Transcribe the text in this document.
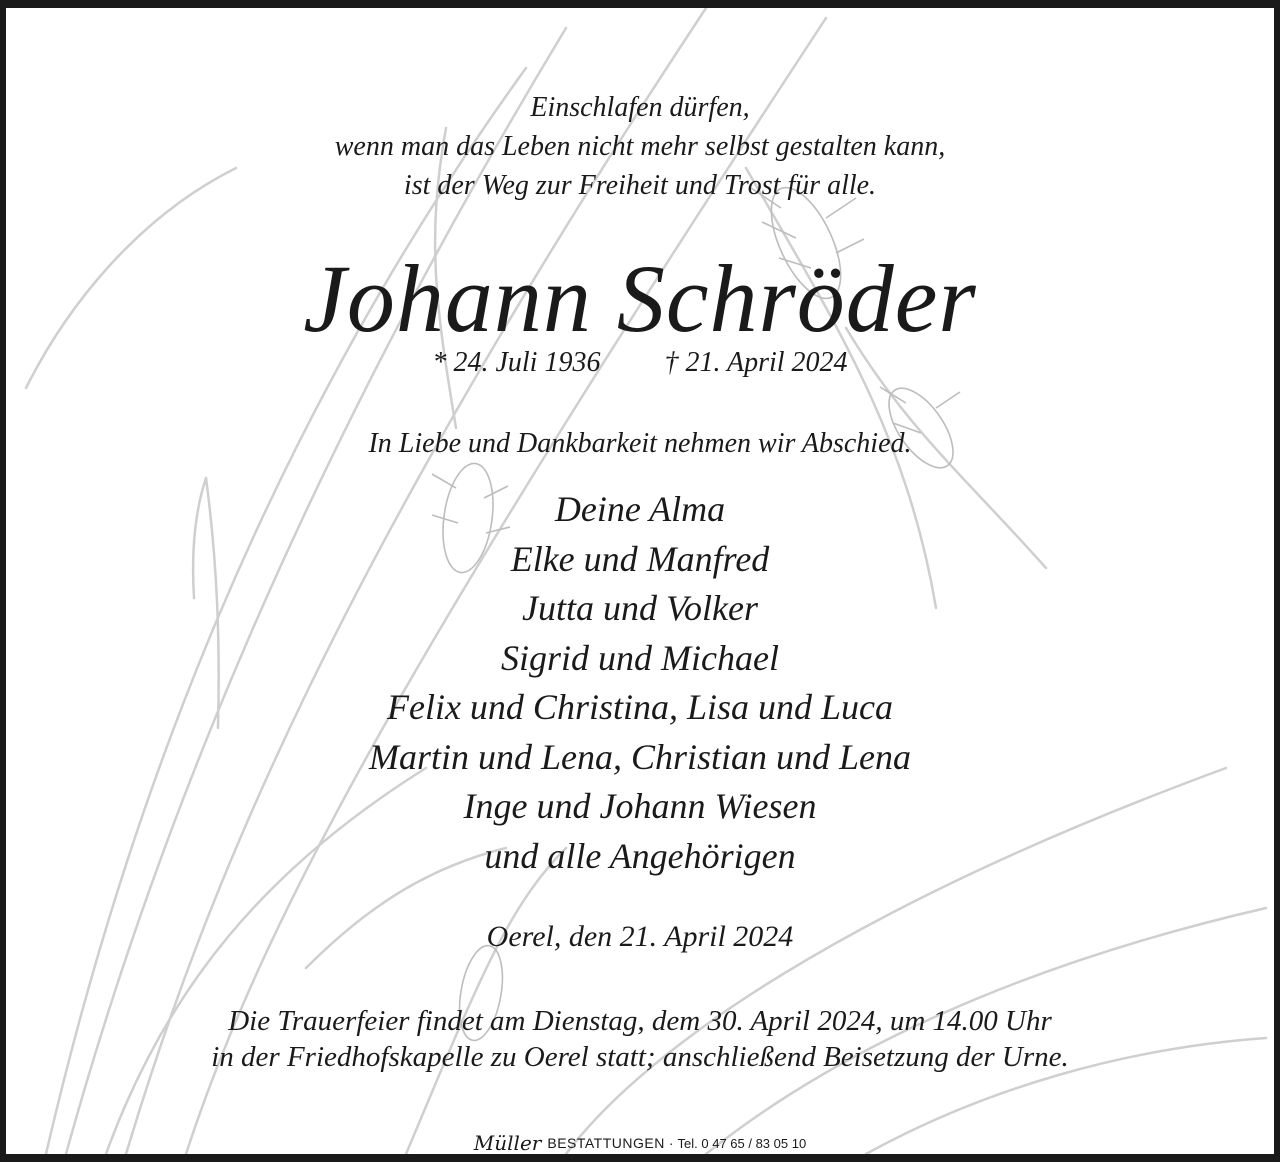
Einschlafen dürfen,
wenn man das Leben nicht mehr selbst gestalten kann,
ist der Weg zur Freiheit und Trost für alle.
Johann Schröder
* 24. Juli 1936 † 21. April 2024
In Liebe und Dankbarkeit nehmen wir Abschied.
Deine Alma
Elke und Manfred
Jutta und Volker
Sigrid und Michael
Felix und Christina, Lisa und Luca
Martin und Lena, Christian und Lena
Inge und Johann Wiesen
und alle Angehörigen
Oerel, den 21. April 2024
Die Trauerfeier findet am Dienstag, dem 30. April 2024, um 14.00 Uhr
in der Friedhofskapelle zu Oerel statt; anschließend Beisetzung der Urne.
Müller BESTATTUNGEN · Tel. 0 47 65 / 83 05 10
